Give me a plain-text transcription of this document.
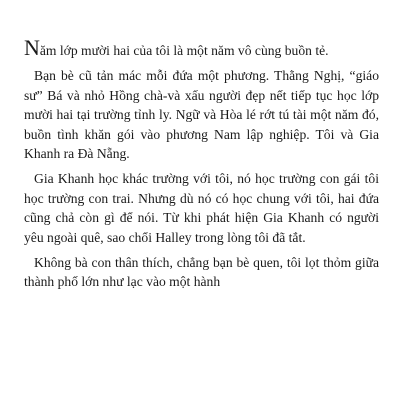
Năm lớp mười hai của tôi là một năm vô cùng buồn tẻ.

Bạn bè cũ tản mác mỗi đứa một phương. Thằng Nghị, “giáo sư” Bá và nhỏ Hồng chà-và xấu người đẹp nết tiếp tục học lớp mười hai tại trường tỉnh ly. Ngữ và Hòa lé rớt tú tài một năm đó, buồn tình khăn gói vào phương Nam lập nghiệp. Tôi và Gia Khanh ra Đà Nẵng.

Gia Khanh học khác trường với tôi, nó học trường con gái tôi học trường con trai. Nhưng dù nó có học chung với tôi, hai đứa cũng chả còn gì để nói. Từ khi phát hiện Gia Khanh có người yêu ngoài quê, sao chổi Halley trong lòng tôi đã tắt.

Không bà con thân thích, chẳng bạn bè quen, tôi lọt thỏm giữa thành phố lớn như lạc vào một hành
